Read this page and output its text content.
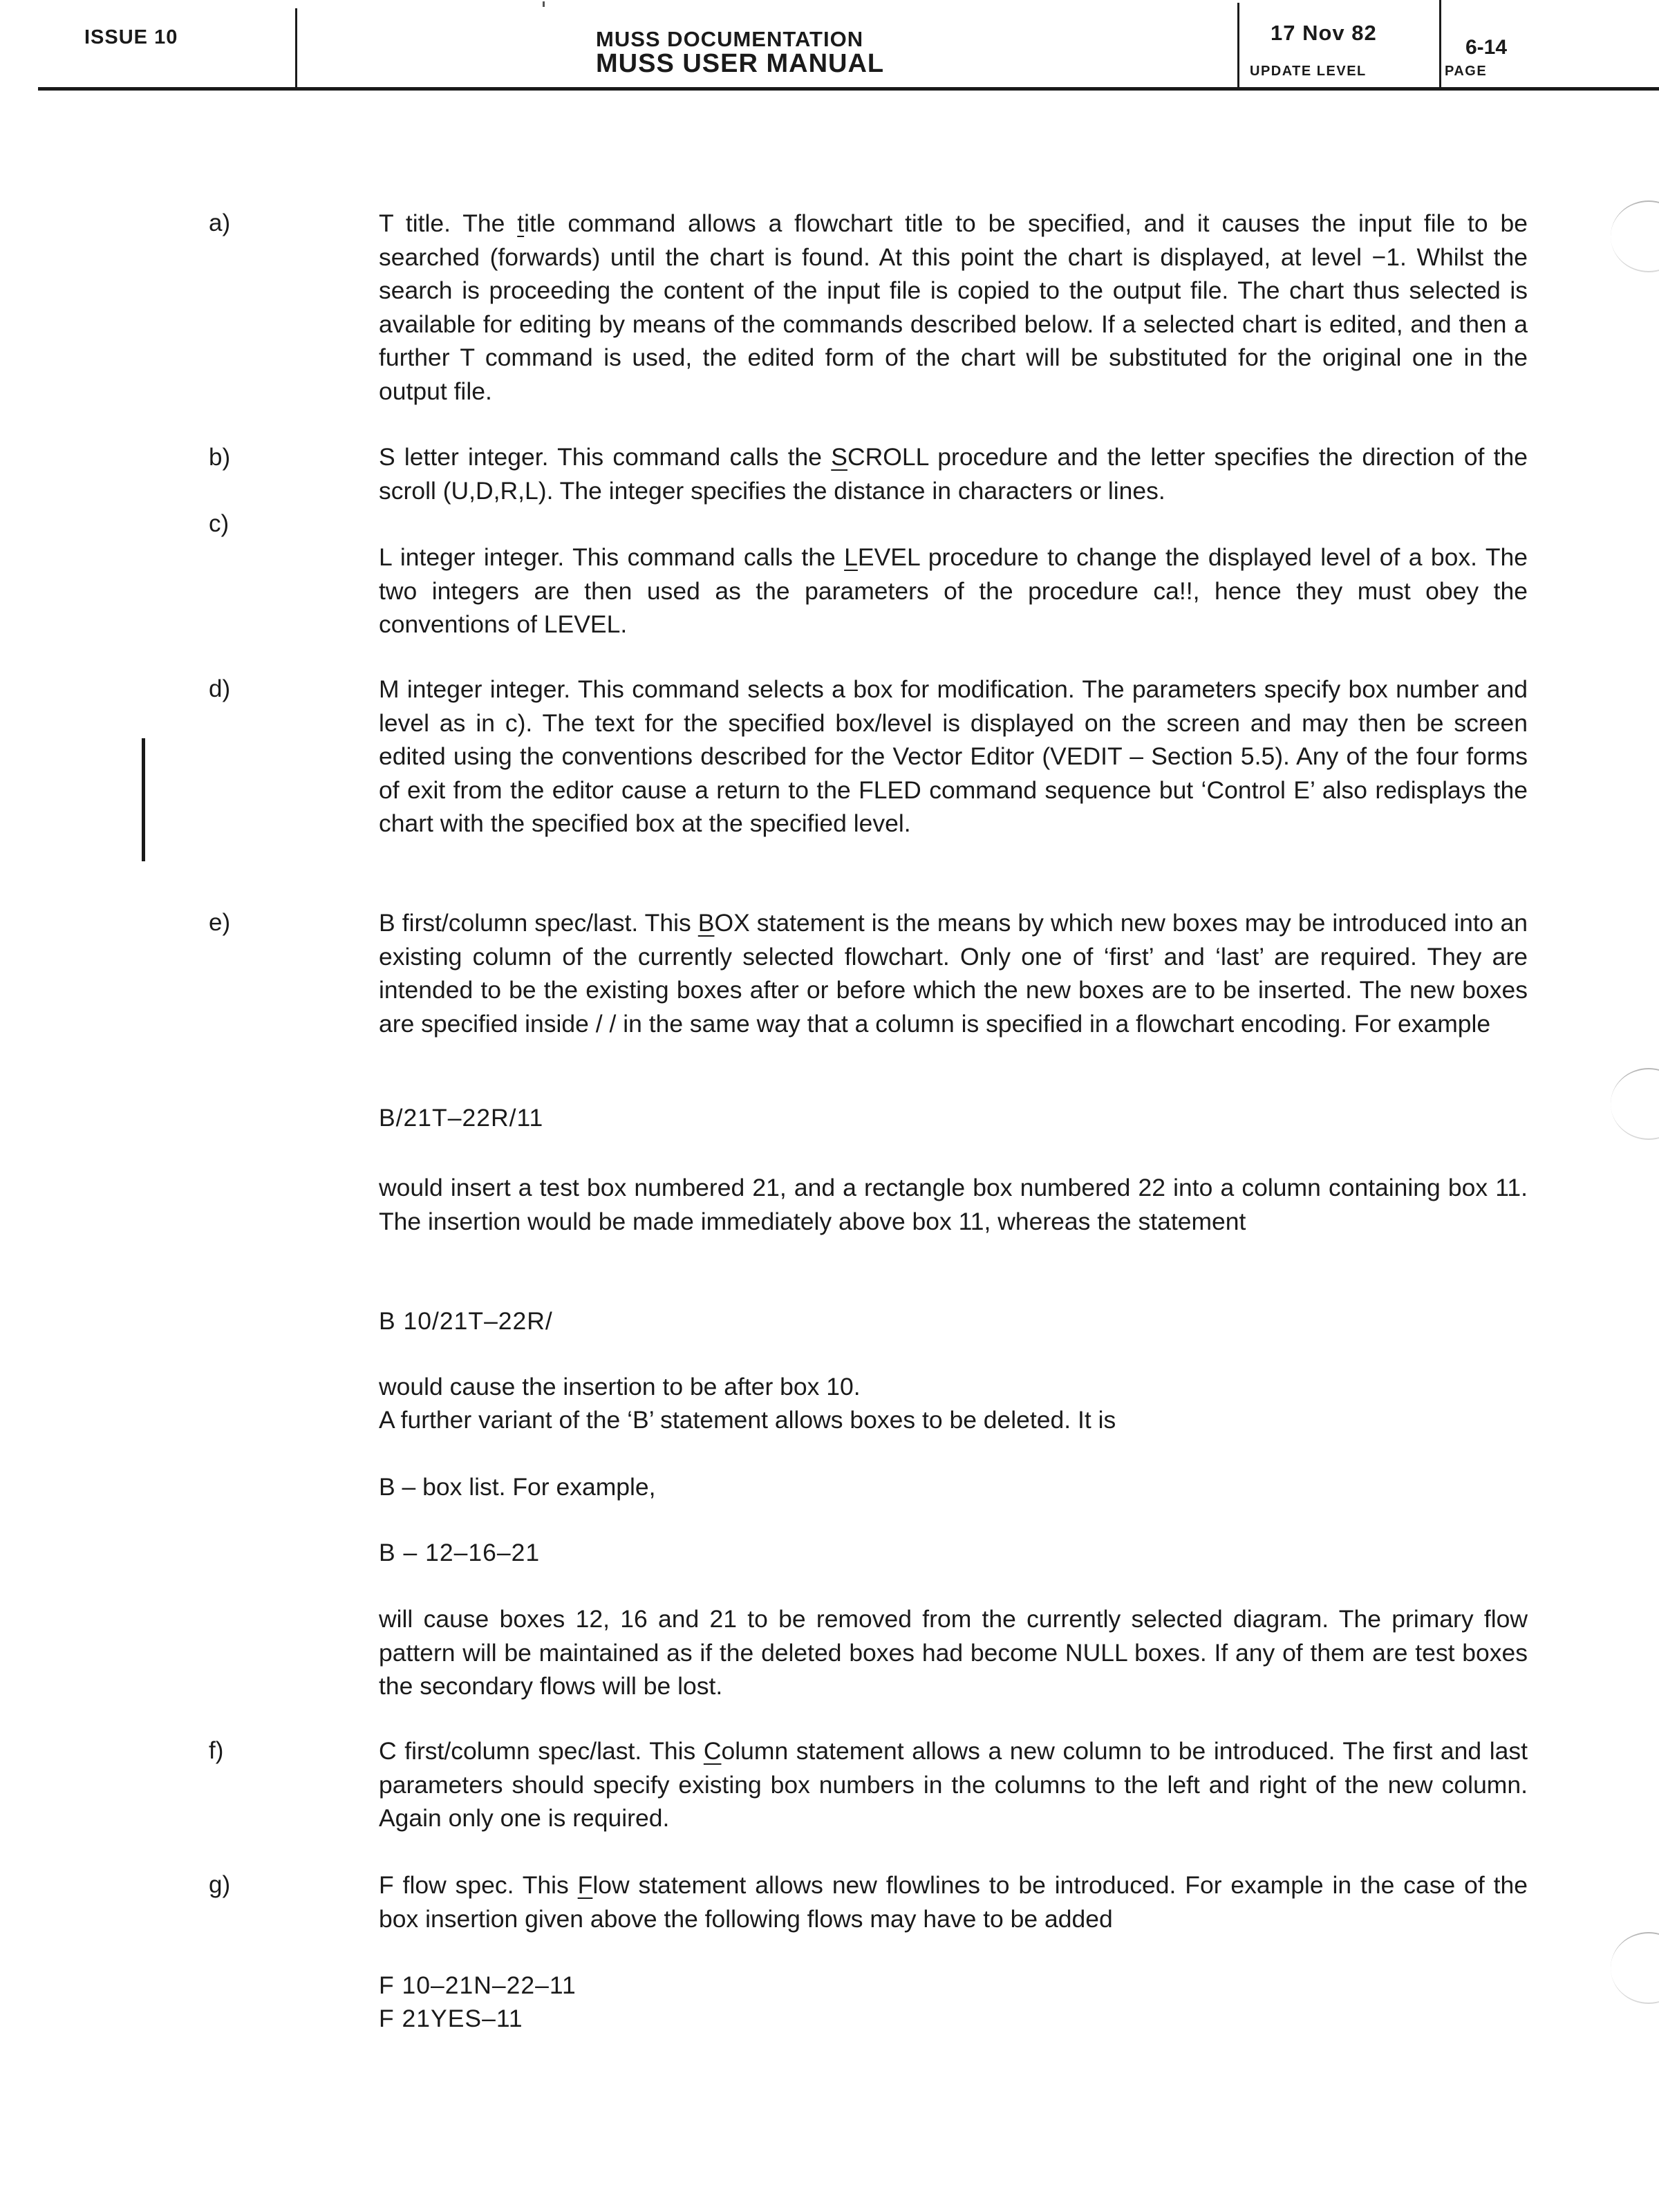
ISSUE 10	MUSS DOCUMENTATION
MUSS USER MANUAL
17 Nov 82
UPDATE LEVEL
6-14
PAGE
a)	T title. The title command allows a flowchart title to be specified, and it causes the input file to be searched (forwards) until the chart is found. At this point the chart is displayed, at level −1. Whilst the search is proceeding the content of the input file is copied to the output file. The chart thus selected is available for editing by means of the commands described below. If a selected chart is edited, and then a further T command is used, the edited form of the chart will be substituted for the original one in the output file.
b)	S letter integer. This command calls the SCROLL procedure and the letter specifies the direction of the scroll (U,D,R,L). The integer specifies the distance in characters or lines.
c)
L integer integer. This command calls the LEVEL procedure to change the displayed level of a box. The two integers are then used as the parameters of the procedure ca!!, hence they must obey the conventions of LEVEL.
d)	M integer integer. This command selects a box for modification. The parameters specify box number and level as in c). The text for the specified box/level is displayed on the screen and may then be screen edited using the conventions described for the Vector Editor (VEDIT – Section 5.5). Any of the four forms of exit from the editor cause a return to the FLED command sequence but ‘Control E’ also redisplays the chart with the specified box at the specified level.
e)	B first/column spec/last. This BOX statement is the means by which new boxes may be introduced into an existing column of the currently selected flowchart. Only one of ‘first’ and ‘last’ are required. They are intended to be the existing boxes after or before which the new boxes are to be inserted. The new boxes are specified inside / / in the same way that a column is specified in a flowchart encoding. For example
B/21T–22R/11
would insert a test box numbered 21, and a rectangle box numbered 22 into a column containing box 11. The insertion would be made immediately above box 11, whereas the statement
B 10/21T–22R/
would cause the insertion to be after box 10.
A further variant of the ‘B’ statement allows boxes to be deleted. It is
B – box list. For example,
B – 12–16–21
will cause boxes 12, 16 and 21 to be removed from the currently selected diagram. The primary flow pattern will be maintained as if the deleted boxes had become NULL boxes. If any of them are test boxes the secondary flows will be lost.
f)	C first/column spec/last. This Column statement allows a new column to be introduced. The first and last parameters should specify existing box numbers in the columns to the left and right of the new column. Again only one is required.
g)	F flow spec. This Flow statement allows new flowlines to be introduced. For example in the case of the box insertion given above the following flows may have to be added
F 10–21N–22–11
F 21YES–11
